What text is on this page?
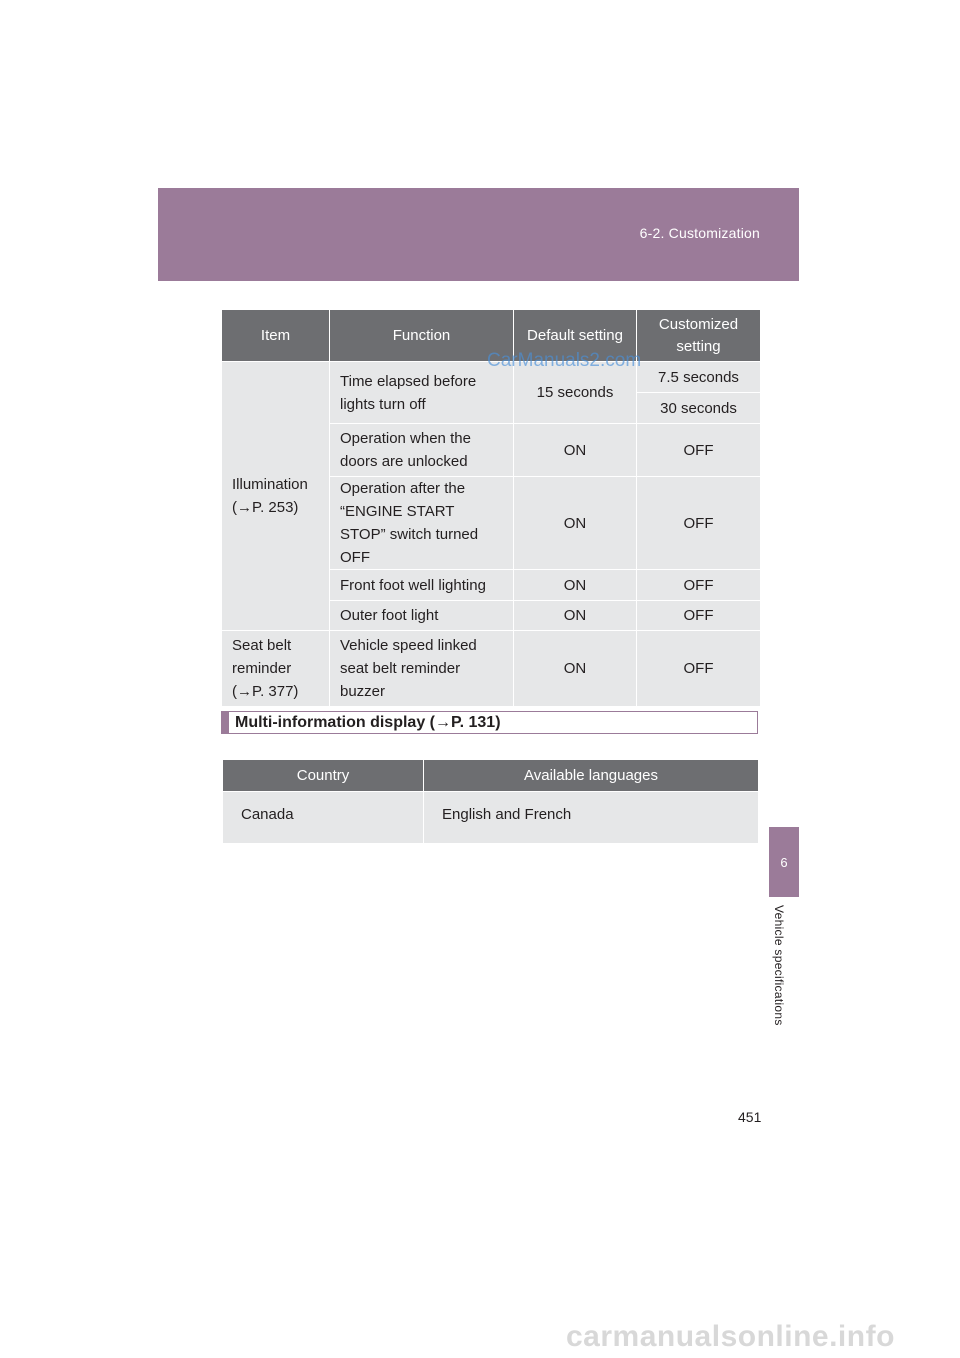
6-2. Customization
6
Vehicle specifications
Item	Function	Default setting	Customized setting
Illumination
(→P. 253)	Time elapsed before lights turn off	15 seconds	7.5 seconds
			30 seconds
	Operation when the doors are unlocked	ON	OFF
	Operation after the “ENGINE START STOP” switch turned OFF	ON	OFF
	Front foot well lighting	ON	OFF
	Outer foot light	ON	OFF

Seat belt
reminder
(→P. 377)	Vehicle speed linked seat belt reminder buzzer	ON	OFF
Multi-information display (→P. 131)
Country	Available languages
Canada	English and French
CarManuals2.com
451
carmanualsonline.info
